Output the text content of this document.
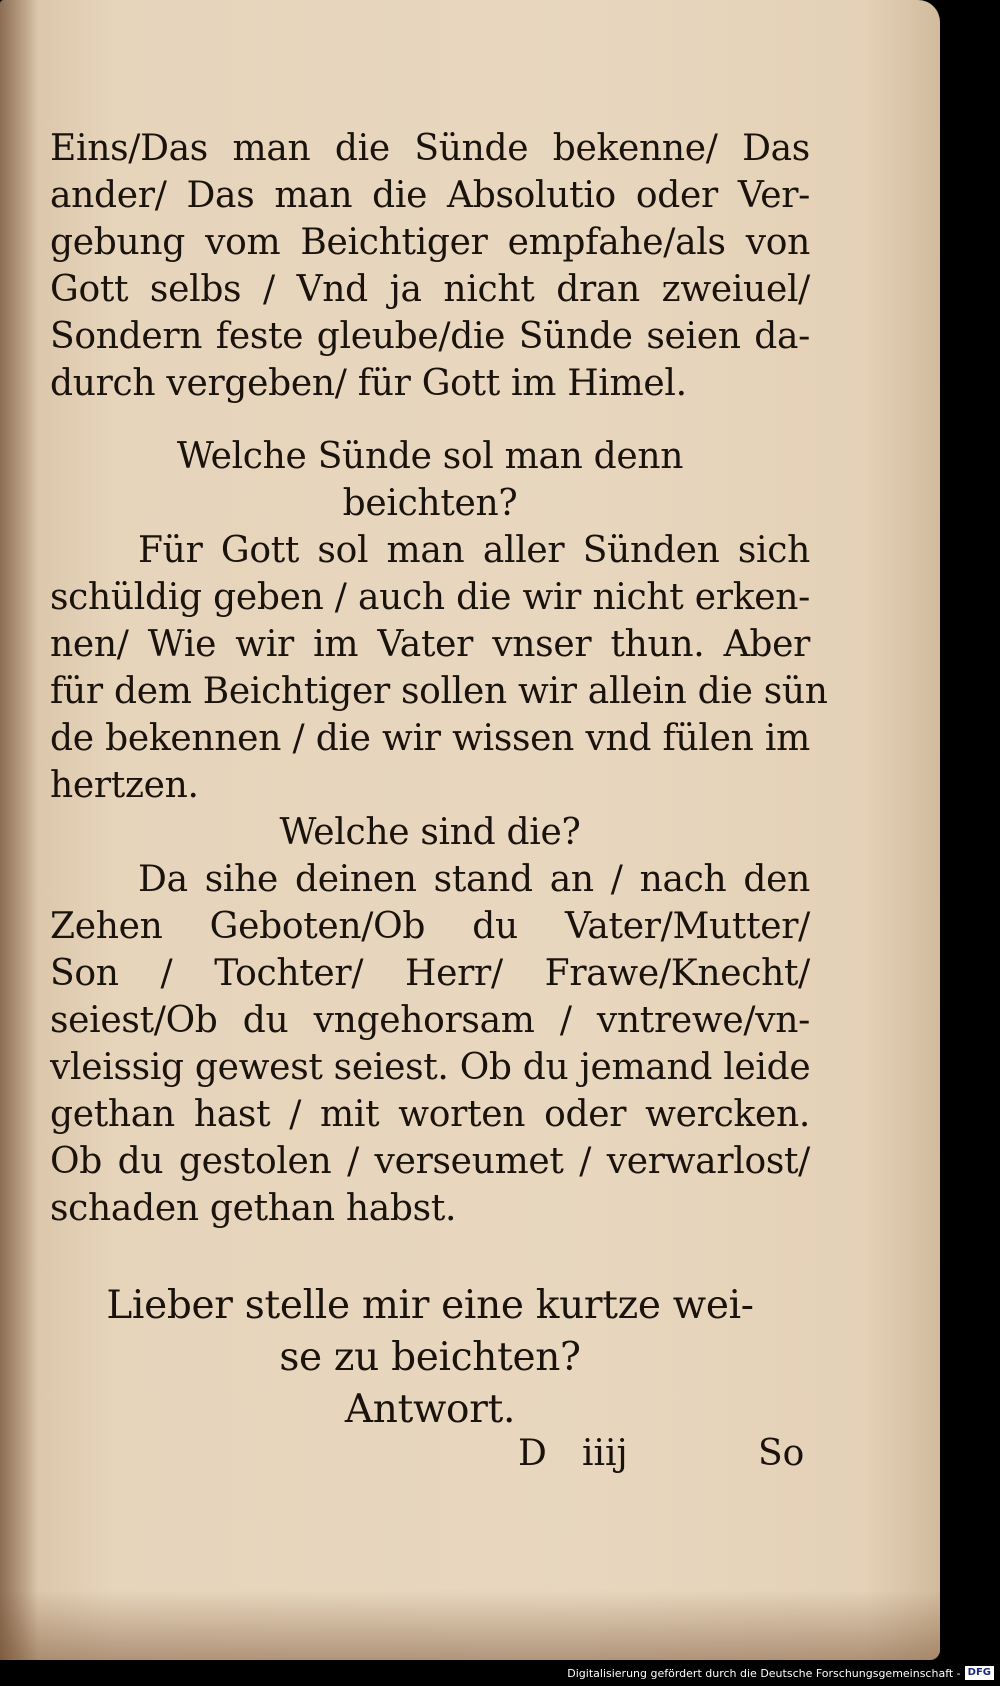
Eins/Das man die Sünde bekenne/ Das
ander/ Das man die Absolutio oder Ver-
gebung vom Beichtiger empfahe/als von
Gott selbs / Vnd ja nicht dran zweiuel/
Sondern feste gleube/die Sünde seien da-
durch vergeben/ für Gott im Himel.
Welche Sünde sol man denn
beichten?
Für Gott sol man aller Sünden sich
schüldig geben / auch die wir nicht erken-
nen/ Wie wir im Vater vnser thun. Aber
für dem Beichtiger sollen wir allein die sün
de bekennen / die wir wissen vnd fülen im
hertzen.
Welche sind die?
Da sihe deinen stand an / nach den
Zehen Geboten/Ob du Vater/Mutter/
Son / Tochter/ Herr/ Frawe/Knecht/
seiest/Ob du vngehorsam / vntrewe/vn-
vleissig gewest seiest. Ob du jemand leide
gethan hast / mit worten oder wercken.
Ob du gestolen / verseumet / verwarlost/
schaden gethan habst.
Lieber stelle mir eine kurtze wei-
se zu beichten?
Antwort.
D iiij	So
Digitalisierung gefördert durch die Deutsche Forschungsgemeinschaft - DFG
